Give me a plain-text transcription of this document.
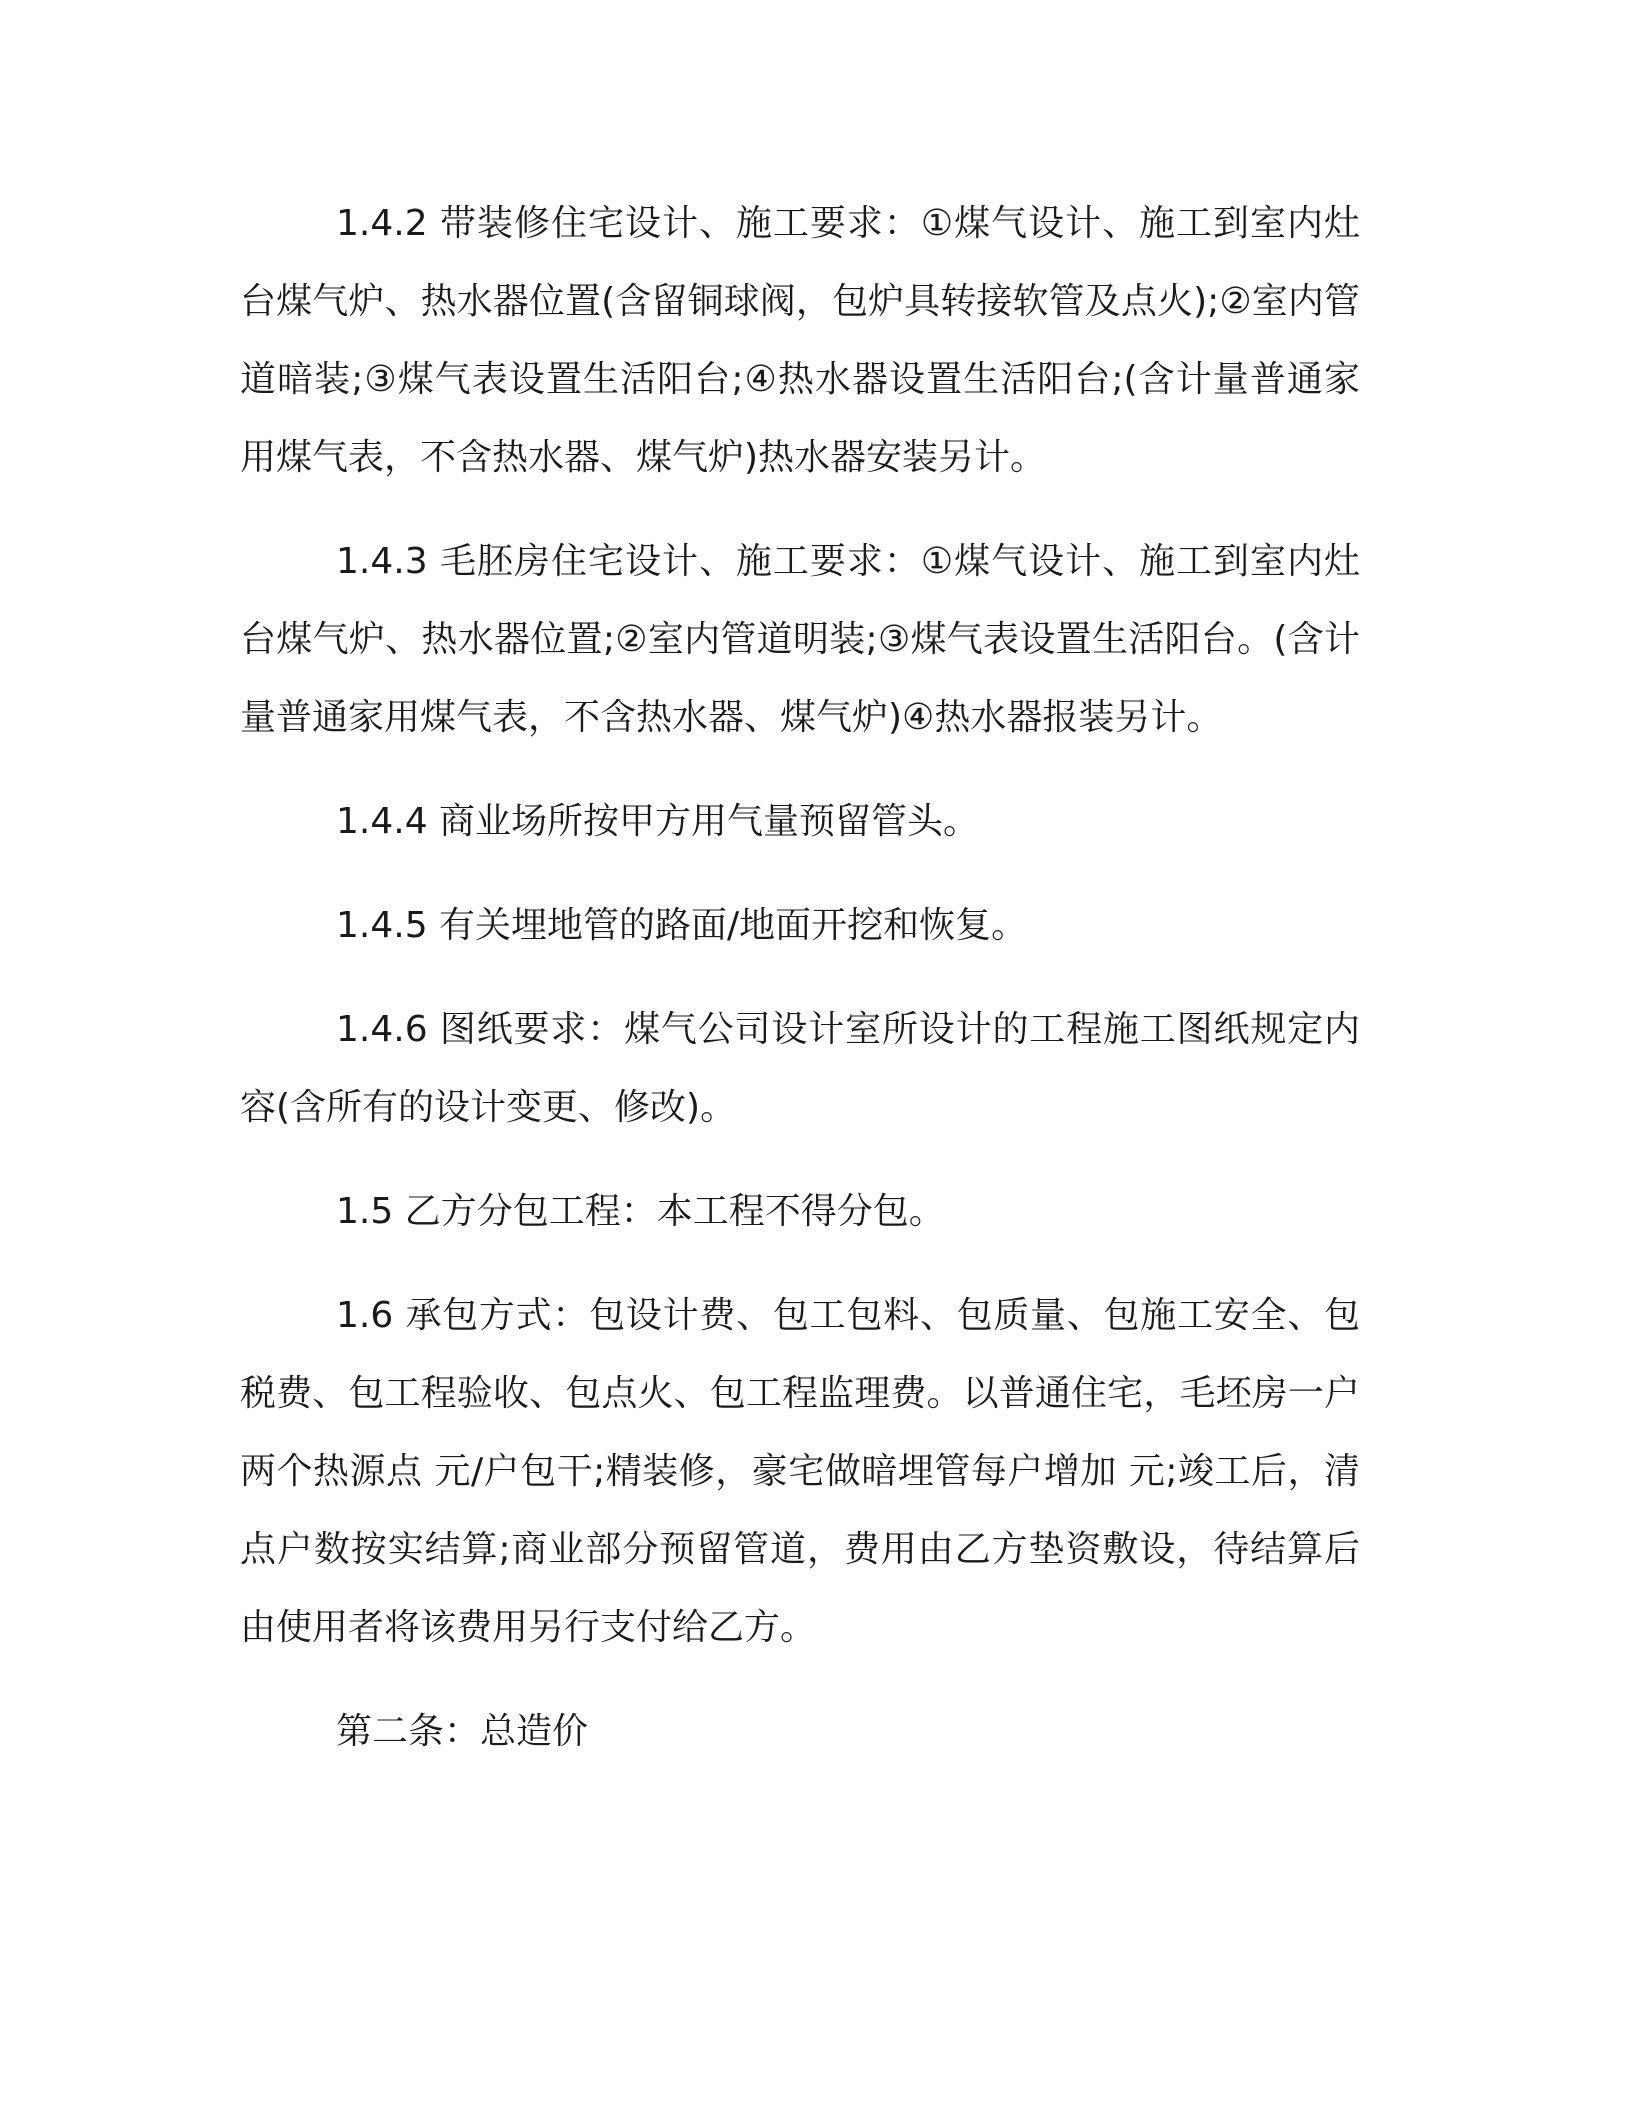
1.4.2 带装修住宅设计、施工要求：①煤气设计、施工到室内灶台煤气炉、热水器位置(含留铜球阀，包炉具转接软管及点火);②室内管道暗装;③煤气表设置生活阳台;④热水器设置生活阳台;(含计量普通家用煤气表，不含热水器、煤气炉)热水器安装另计。

1.4.3 毛胚房住宅设计、施工要求：①煤气设计、施工到室内灶台煤气炉、热水器位置;②室内管道明装;③煤气表设置生活阳台。(含计量普通家用煤气表，不含热水器、煤气炉)④热水器报装另计。

1.4.4 商业场所按甲方用气量预留管头。

1.4.5 有关埋地管的路面/地面开挖和恢复。

1.4.6 图纸要求：煤气公司设计室所设计的工程施工图纸规定内容(含所有的设计变更、修改)。

1.5 乙方分包工程：本工程不得分包。

1.6 承包方式：包设计费、包工包料、包质量、包施工安全、包税费、包工程验收、包点火、包工程监理费。以普通住宅，毛坯房一户两个热源点 元/户包干;精装修，豪宅做暗埋管每户增加 元;竣工后，清点户数按实结算;商业部分预留管道，费用由乙方垫资敷设，待结算后由使用者将该费用另行支付给乙方。

第二条：总造价
